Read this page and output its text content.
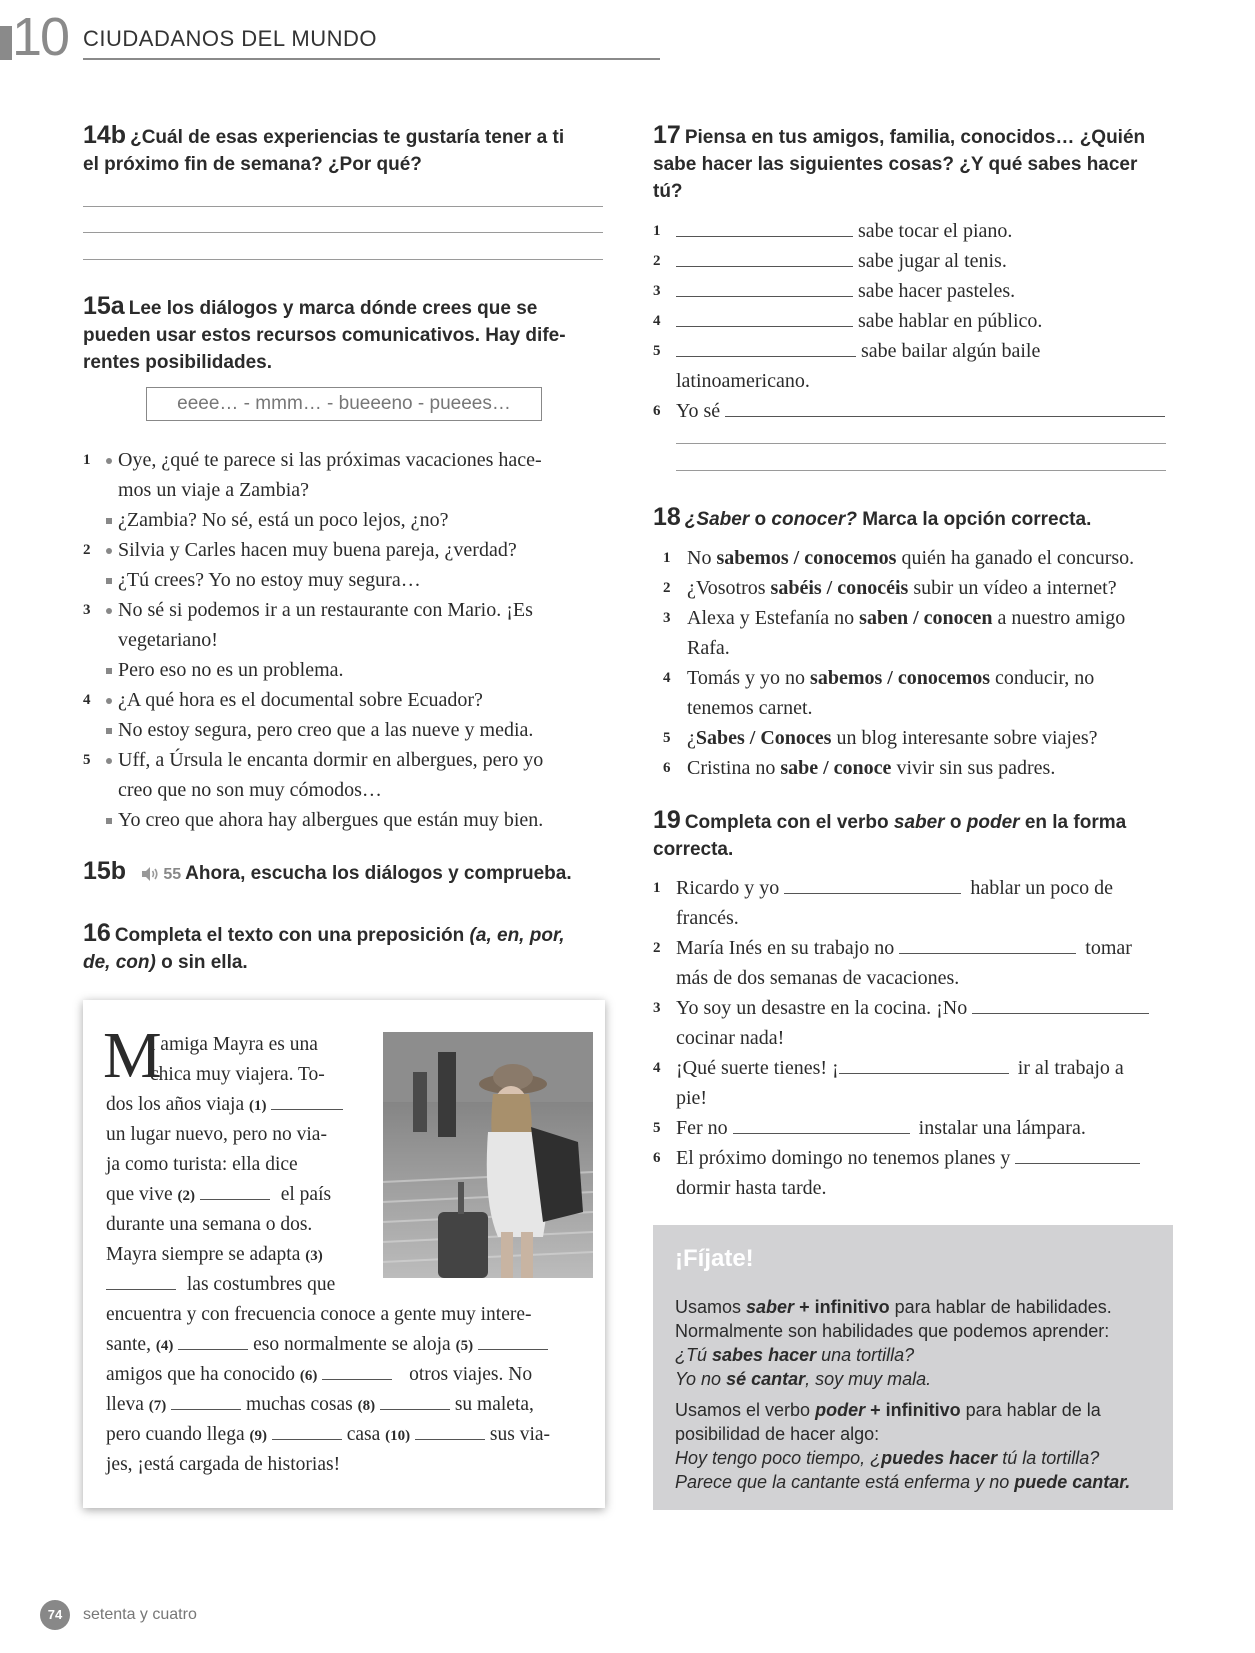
10 CIUDADANOS DEL MUNDO
14b ¿Cuál de esas experiencias te gustaría tener a ti
el próximo fin de semana? ¿Por qué?
15a Lee los diálogos y marca dónde crees que se
pueden usar estos recursos comunicativos. Hay dife-
rentes posibilidades.
eeee… - mmm… - bueeeno - pueees…
1 Oye, ¿qué te parece si las próximas vacaciones hace-
mos un viaje a Zambia?
¿Zambia? No sé, está un poco lejos, ¿no?
2 Silvia y Carles hacen muy buena pareja, ¿verdad?
¿Tú crees? Yo no estoy muy segura…
3 No sé si podemos ir a un restaurante con Mario. ¡Es
vegetariano!
Pero eso no es un problema.
4 ¿A qué hora es el documental sobre Ecuador?
No estoy segura, pero creo que a las nueve y media.
5 Uff, a Úrsula le encanta dormir en albergues, pero yo
creo que no son muy cómodos…
Yo creo que ahora hay albergues que están muy bien.
15b 55 Ahora, escucha los diálogos y comprueba.
16 Completa el texto con una preposición (a, en, por,
de, con) o sin ella.
M
i amiga Mayra es una
chica muy viajera. To-
dos los años viaja (1)
un lugar nuevo, pero no via-
ja como turista: ella dice
que vive (2)	el país
durante una semana o dos.
Mayra siempre se adapta (3)
las costumbres que
encuentra y con frecuencia conoce a gente muy intere-
sante, (4)	eso normalmente se aloja (5)
amigos que ha conocido (6)	otros viajes. No
lleva (7)	muchas cosas (8)	su maleta,
pero cuando llega (9)	casa (10)	sus via-
jes, ¡está cargada de historias!
17 Piensa en tus amigos, familia, conocidos… ¿Quién
sabe hacer las siguientes cosas? ¿Y qué sabes hacer
tú?
1	sabe tocar el piano.
2	sabe jugar al tenis.
3	sabe hacer pasteles.
4	sabe hablar en público.
5	sabe bailar algún baile
latinoamericano.
6 Yo sé
18 ¿Saber o conocer? Marca la opción correcta.
1 No sabemos / conocemos quién ha ganado el concurso.
2 ¿Vosotros sabéis / conocéis subir un vídeo a internet?
3 Alexa y Estefanía no saben / conocen a nuestro amigo
Rafa.
4 Tomás y yo no sabemos / conocemos conducir, no
tenemos carnet.
5 ¿Sabes / Conoces un blog interesante sobre viajes?
6 Cristina no sabe / conoce vivir sin sus padres.
19 Completa con el verbo saber o poder en la forma
correcta.
1 Ricardo y yo	hablar un poco de
francés.
2 María Inés en su trabajo no	tomar
más de dos semanas de vacaciones.
3 Yo soy un desastre en la cocina. ¡No
cocinar nada!
4 ¡Qué suerte tienes! ¡	ir al trabajo a
pie!
5 Fer no	instalar una lámpara.
6 El próximo domingo no tenemos planes y
dormir hasta tarde.
¡Fíjate!
Usamos saber + infinitivo para hablar de habilidades.
Normalmente son habilidades que podemos aprender:
¿Tú sabes hacer una tortilla?
Yo no sé cantar, soy muy mala.
Usamos el verbo poder + infinitivo para hablar de la
posibilidad de hacer algo:
Hoy tengo poco tiempo, ¿puedes hacer tú la tortilla?
Parece que la cantante está enferma y no puede cantar.
74	setenta y cuatro
